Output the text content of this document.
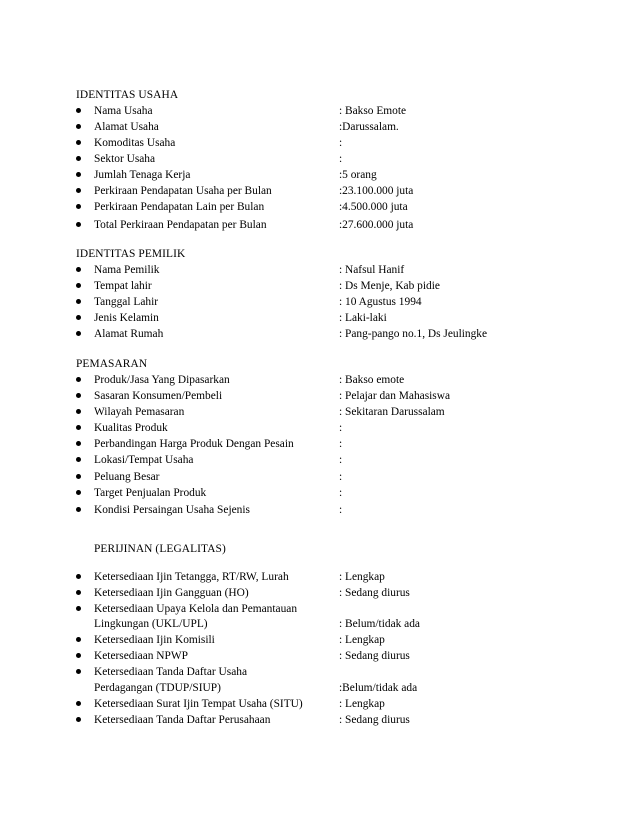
IDENTITAS USAHA
Nama Usaha	: Bakso Emote
Alamat Usaha	:Darussalam.
Komoditas Usaha	:
Sektor Usaha	:
Jumlah Tenaga Kerja	:5 orang
Perkiraan Pendapatan Usaha per Bulan	:23.100.000 juta
Perkiraan Pendapatan Lain per Bulan	:4.500.000 juta
Total Perkiraan Pendapatan per Bulan	:27.600.000 juta
IDENTITAS PEMILIK
Nama Pemilik	: Nafsul Hanif
Tempat lahir	: Ds Menje, Kab pidie
Tanggal Lahir	: 10 Agustus 1994
Jenis Kelamin	: Laki-laki
Alamat Rumah	: Pang-pango no.1, Ds Jeulingke
PEMASARAN
Produk/Jasa Yang Dipasarkan	: Bakso emote
Sasaran Konsumen/Pembeli	: Pelajar dan Mahasiswa
Wilayah Pemasaran	: Sekitaran Darussalam
Kualitas Produk	:
Perbandingan Harga Produk Dengan Pesain	:
Lokasi/Tempat Usaha	:
Peluang Besar	:
Target Penjualan Produk	:
Kondisi Persaingan Usaha Sejenis	:
PERIJINAN (LEGALITAS)
Ketersediaan Ijin Tetangga, RT/RW, Lurah	: Lengkap
Ketersediaan Ijin Gangguan (HO)	: Sedang diurus
Ketersediaan Upaya Kelola dan Pemantauan
Lingkungan (UKL/UPL)	: Belum/tidak ada
Ketersediaan Ijin Komisili	: Lengkap
Ketersediaan NPWP	: Sedang diurus
Ketersediaan Tanda Daftar Usaha
Perdagangan (TDUP/SIUP)	:Belum/tidak ada
Ketersediaan Surat Ijin Tempat Usaha (SITU)	: Lengkap
Ketersediaan Tanda Daftar Perusahaan	: Sedang diurus
